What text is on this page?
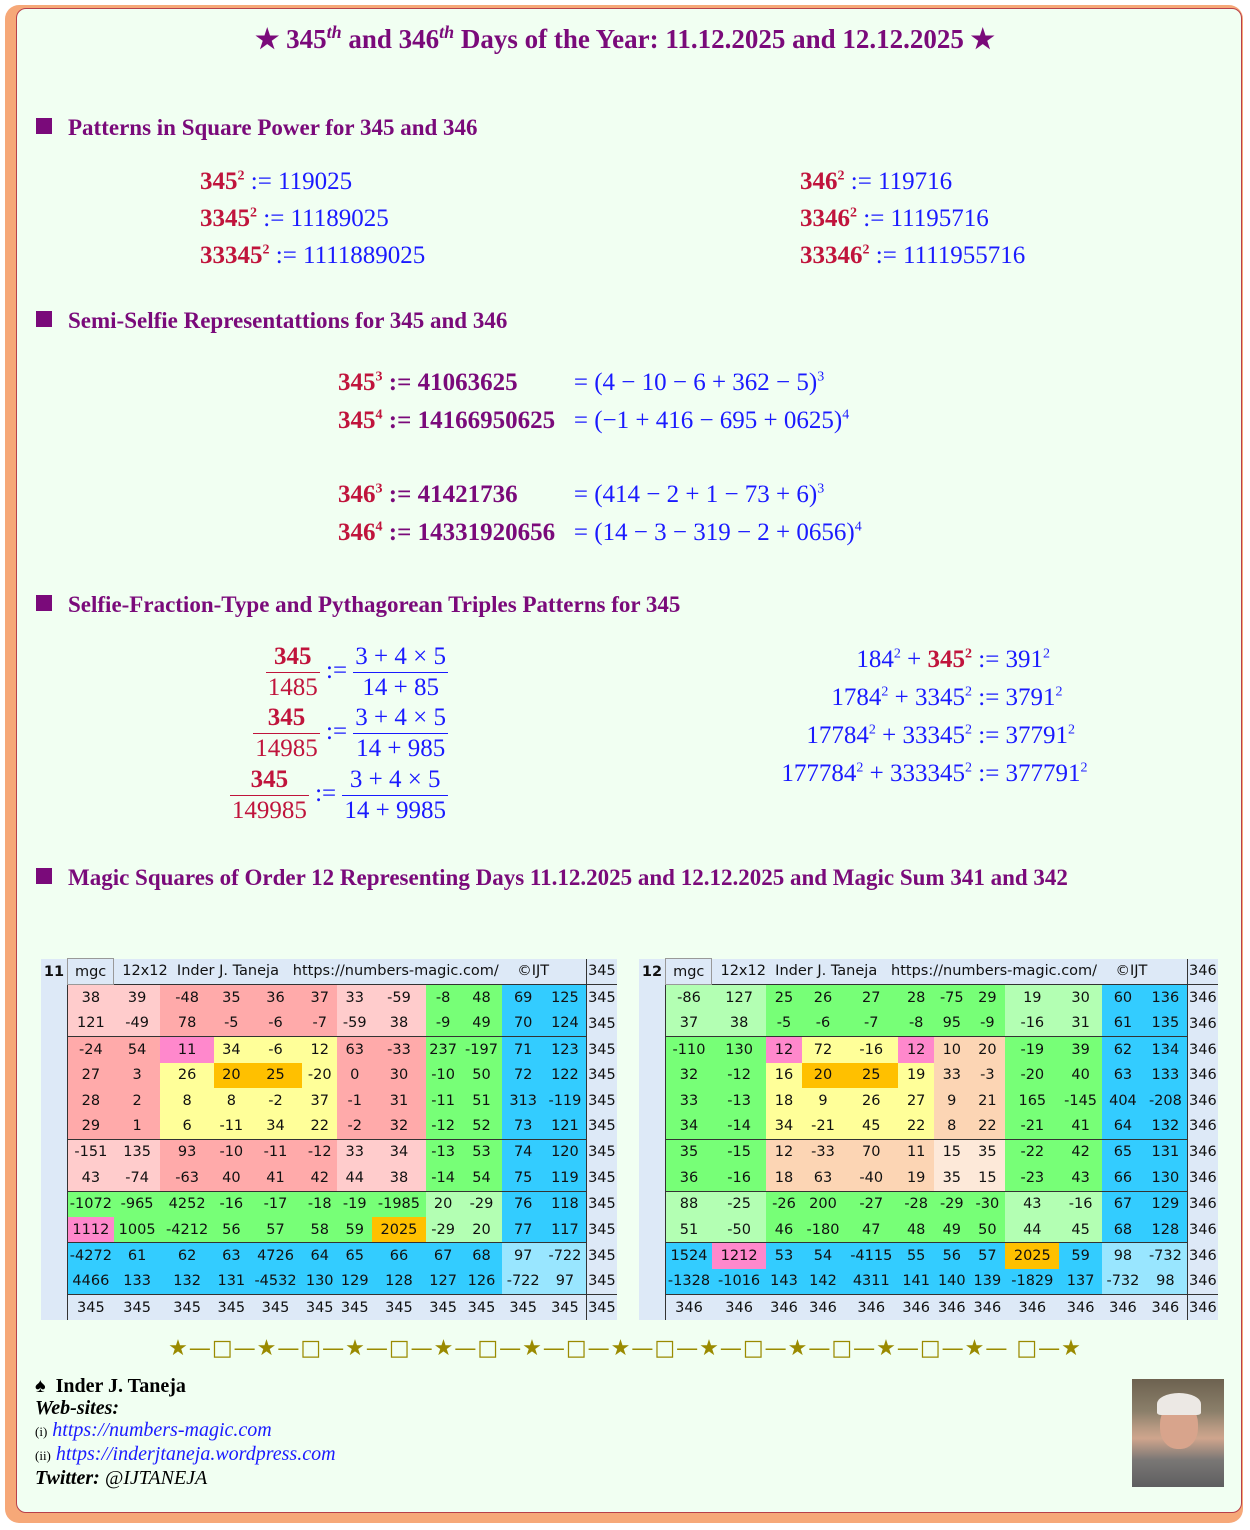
★ 345th and 346th Days of the Year: 11.12.2025 and 12.12.2025 ★
Patterns in Square Power for 345 and 346
$345^2$ := 119025
3345$^2$ := 11189025
33345$^2$ := 1111889025
$346^2$ := 119716
3346$^2$ := 11195716
33346$^2$ := 1111955716
Semi-Selfie Representattions for 345 and 346
$345^3$ := $41063625 = (4 - 10 - 6 + 362 - 5)^3$
$345^4$ := $14166950625 = (-1 + 416 - 695 + 0625)^4$
$346^3$ := $41421736 = (414 - 2 + 1 - 73 + 6)^3$
$346^4$ := $14331920656 = (14 - 3 - 319 - 2 + 0656)^4$
Selfie-Fraction-Type and Pythagorean Triples Patterns for 345
$\frac{345}{1485}$ := $\frac{3 + 4 \times 5}{14 + 85}$
$\frac{345}{14985}$ := $\frac{3 + 4 \times 5}{14 + 985}$
$\frac{345}{149985}$ := $\frac{3 + 4 \times 5}{14 + 9985}$
$184^2 + 345^2$ := $391^2$
$1784^2 + 3345^2$ := $3791^2$
$17784^2 + 33345^2$ := $37791^2$
$177784^2 + 333345^2$ := $377791^2$
Magic Squares of Order 12 Representing Days 11.12.2025 and 12.12.2025 and Magic Sum 341 and 342
11	mgc	12x12  Inder J. Taneja   https://numbers-magic.com/    ©IJT											345
	38	39	-48	35	36	37	33	-59	-8	48	69	125	345
	121	-49	78	-5	-6	-7	-59	38	-9	49	70	124	345
	-24	54	11	34	-6	12	63	-33	237	-197	71	123	345
	27	3	26	20	25	-20	0	30	-10	50	72	122	345
	28	2	8	8	-2	37	-1	31	-11	51	313	-119	345
	29	1	6	-11	34	22	-2	32	-12	52	73	121	345
	-151	135	93	-10	-11	-12	33	34	-13	53	74	120	345
	43	-74	-63	40	41	42	44	38	-14	54	75	119	345
	-1072	-965	4252	-16	-17	-18	-19	-1985	20	-29	76	118	345
	1112	1005	-4212	56	57	58	59	2025	-29	20	77	117	345
	-4272	61	62	63	4726	64	65	66	67	68	97	-722	345
	4466	133	132	131	-4532	130	129	128	127	126	-722	97	345
	345	345	345	345	345	345	345	345	345	345	345	345	345
12	mgc	12x12  Inder J. Taneja   https://numbers-magic.com/    ©IJT											346
	-86	127	25	26	27	28	-75	29	19	30	60	136	346
	37	38	-5	-6	-7	-8	95	-9	-16	31	61	135	346
	-110	130	12	72	-16	12	10	20	-19	39	62	134	346
	32	-12	16	20	25	19	33	-3	-20	40	63	133	346
	33	-13	18	9	26	27	9	21	165	-145	404	-208	346
	34	-14	34	-21	45	22	8	22	-21	41	64	132	346
	35	-15	12	-33	70	11	15	35	-22	42	65	131	346
	36	-16	18	63	-40	19	35	15	-23	43	66	130	346
	88	-25	-26	200	-27	-28	-29	-30	43	-16	67	129	346
	51	-50	46	-180	47	48	49	50	44	45	68	128	346
	1524	1212	53	54	-4115	55	56	57	2025	59	98	-732	346
	-1328	-1016	143	142	4311	141	140	139	-1829	137	-732	98	346
	346	346	346	346	346	346	346	346	346	346	346	346	346
★—□—★—□—★—□—★—□—★—□—★—□—★—□—★—□—★—□—★— □—★
♠ Inder J. Taneja
Web-sites:
(i) https://numbers-magic.com
(ii) https://inderjtaneja.wordpress.com
Twitter: @IJTANEJA
